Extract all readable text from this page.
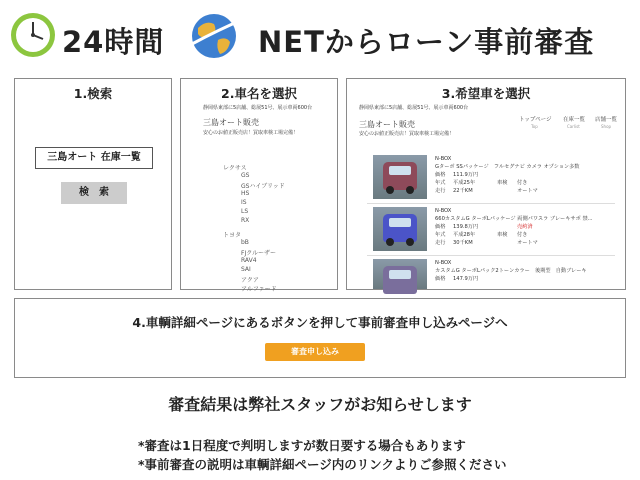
24時間	NETからローン事前審査
1.検索
三島オート 在庫一覧
検　索
2.車名を選択
静岡県東部に5店舗、総展51号、展示車両600台
三島オート販売
安心のお値正販売店！買取車検工場完備！
レクサス
GS
GSハイブリッド
HS
IS
LS
RX
トヨタ
bB
FJクルーザー
RAV4
SAI
アクア
アルファード
3.希望車を選択
静岡県東部に5店舗、総展51号、展示車両600台
三島オート販売
安心のお値正販売店！買取車検工場完備！
トップページ
Top
在庫一覧
Carlist
店舗一覧
Shop
N-BOX
Gターボ SSパッケージ　フルセグナビ カメラ オプション多数
価格 111.9万円
年式 平成25年	車検 付き
走行 22千KM	オートマ
N-BOX
660カスタムG ターボLパッケージ 両側パワスラ ブレーキサポ 禁...
価格 139.8万円	売約済
年式 平成28年	車検 付き
走行 30千KM	オートマ
N-BOX
カスタムG ターボLパック2トーンカラー　後期型　自動ブレーキ
価格 147.9万円
4.車輌詳細ページにあるボタンを押して事前審査申し込みページへ
審査申し込み
審査結果は弊社スタッフがお知らせします
*審査は1日程度で判明しますが数日要する場合もあります
*事前審査の説明は車輌詳細ページ内のリンクよりご参照ください
